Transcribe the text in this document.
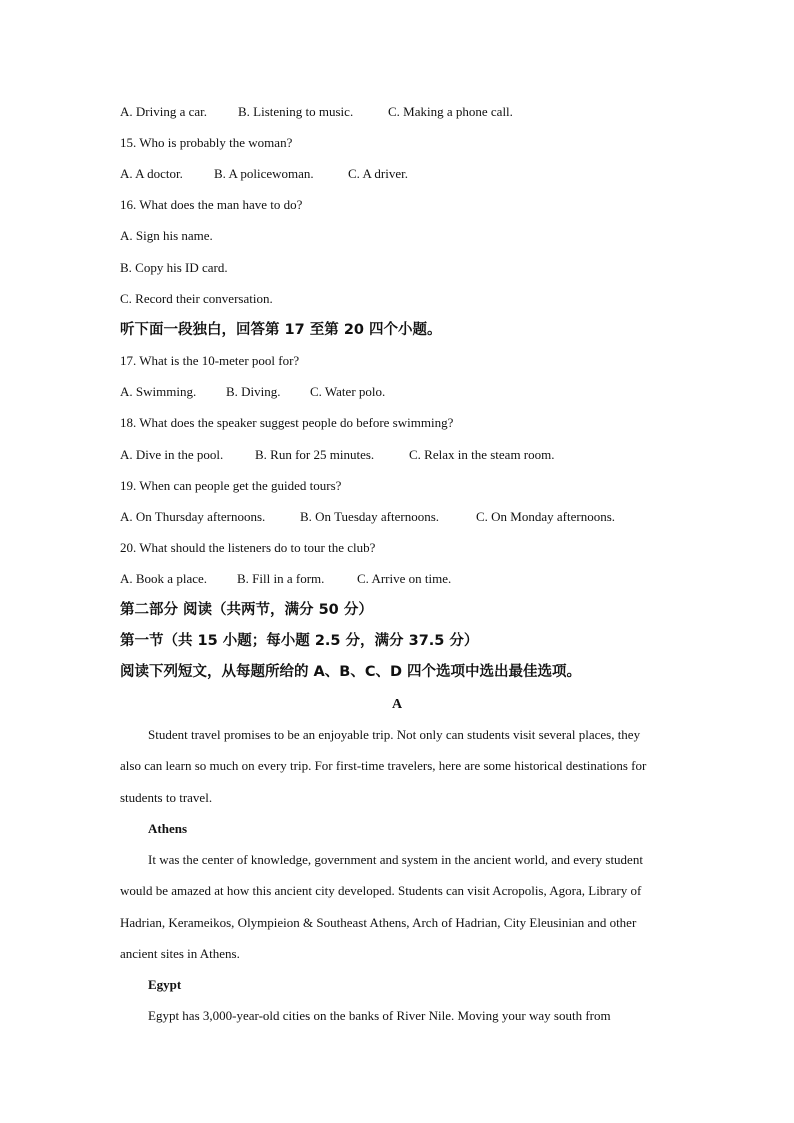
A. Driving a car. B. Listening to music.	C. Making a phone call.
15. Who is probably the woman?
A. A doctor. B. A policewoman.	C. A driver.
16. What does the man have to do?
A. Sign his name.
B. Copy his ID card.
C. Record their conversation.
听下面一段独白，回答第 17 至第 20 四个小题。
17. What is the 10-meter pool for?
A. Swimming. B. Diving. C. Water polo.
18. What does the speaker suggest people do before swimming?
A. Dive in the pool. B. Run for 25 minutes.	C. Relax in the steam room.
19. When can people get the guided tours?
A. On Thursday afternoons.	B. On Tuesday afternoons.	C. On Monday afternoons.
20. What should the listeners do to tour the club?
A. Book a place. B. Fill in a form.	C. Arrive on time.
第二部分 阅读（共两节，满分 50 分）
第一节（共 15 小题；每小题 2.5 分，满分 37.5 分）
阅读下列短文，从每题所给的 A、B、C、D 四个选项中选出最佳选项。
A
Student travel promises to be an enjoyable trip. Not only can students visit several places, they also can learn so much on every trip. For first-time travelers, here are some historical destinations for students to travel.
Athens
It was the center of knowledge, government and system in the ancient world, and every student would be amazed at how this ancient city developed. Students can visit Acropolis, Agora, Library of Hadrian, Kerameikos, Olympieion & Southeast Athens, Arch of Hadrian, City Eleusinian and other ancient sites in Athens.
Egypt
Egypt has 3,000-year-old cities on the banks of River Nile. Moving your way south from
